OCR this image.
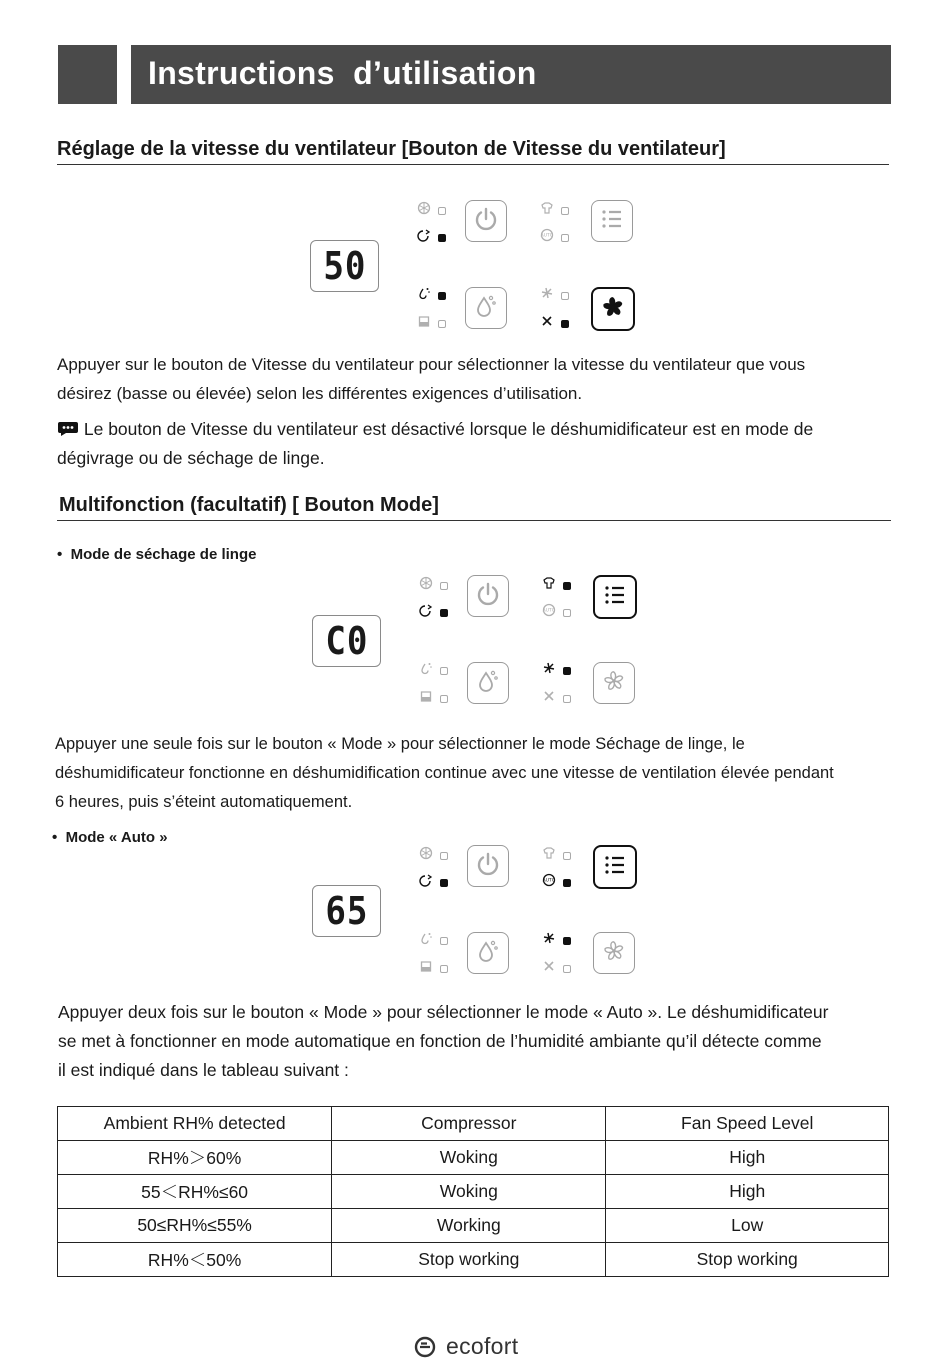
Instructions  d’utilisation
Réglage de la vitesse du ventilateur [Bouton de Vitesse du ventilateur]
50
AUTO
Appuyer sur le bouton de Vitesse du ventilateur pour sélectionner la vitesse du ventilateur que vous
désirez (basse ou élevée) selon les différentes exigences d’utilisation.
Le bouton de Vitesse du ventilateur est désactivé lorsque le déshumidificateur est en mode de
dégivrage ou de séchage de linge.
Multifonction (facultatif) [ Bouton Mode]
•  Mode de séchage de linge
C0
AUTO
Appuyer une seule fois sur le bouton « Mode » pour sélectionner le mode Séchage de linge, le
déshumidificateur fonctionne en déshumidification continue avec une vitesse de ventilation élevée pendant
6 heures, puis s’éteint automatiquement.
•  Mode « Auto »
65
AUTO
Appuyer deux fois sur le bouton « Mode » pour sélectionner le mode « Auto ». Le déshumidificateur
se met à fonctionner en mode automatique en fonction de l’humidité ambiante qu’il détecte comme
il est indiqué dans le tableau suivant :
Ambient RH% detected	Compressor	Fan Speed Level
RH%＞60%	Woking	High
55＜RH%≤60	Woking	High
50≤RH%≤55%	Working	Low
RH%＜50%	Stop working	Stop working
ecofort
